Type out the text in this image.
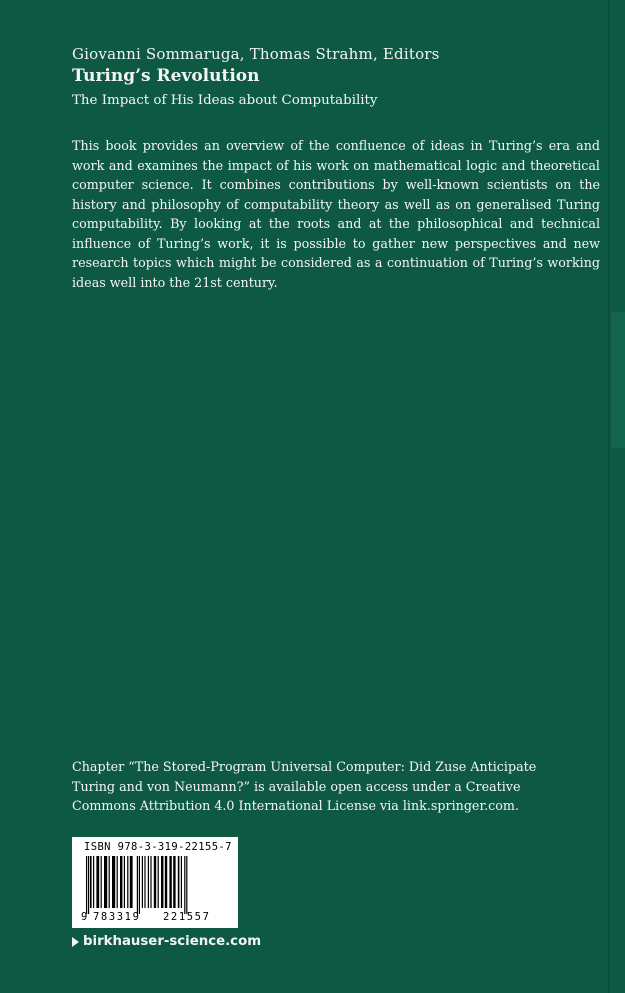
Giovanni Sommaruga, Thomas Strahm, Editors
Turing’s Revolution
The Impact of His Ideas about Computability
This book provides an overview of the confluence of ideas in Turing’s era and work and examines the impact of his work on mathematical logic and theoretical computer science. It combines contributions by well-known scientists on the history and philosophy of computability theory as well as on generalised Turing computability. By looking at the roots and at the philosophical and technical influence of Turing’s work, it is possible to gather new perspectives and new research topics which might be considered as a continuation of Turing’s working ideas well into the 21st century.
Chapter “The Stored-Program Universal Computer: Did Zuse Anticipate Turing and von Neumann?” is available open access under a Creative Commons Attribution 4.0 International License via link.springer.com.
ISBN 978-3-319-22155-7
9 783319 221557
birkhauser-science.com
